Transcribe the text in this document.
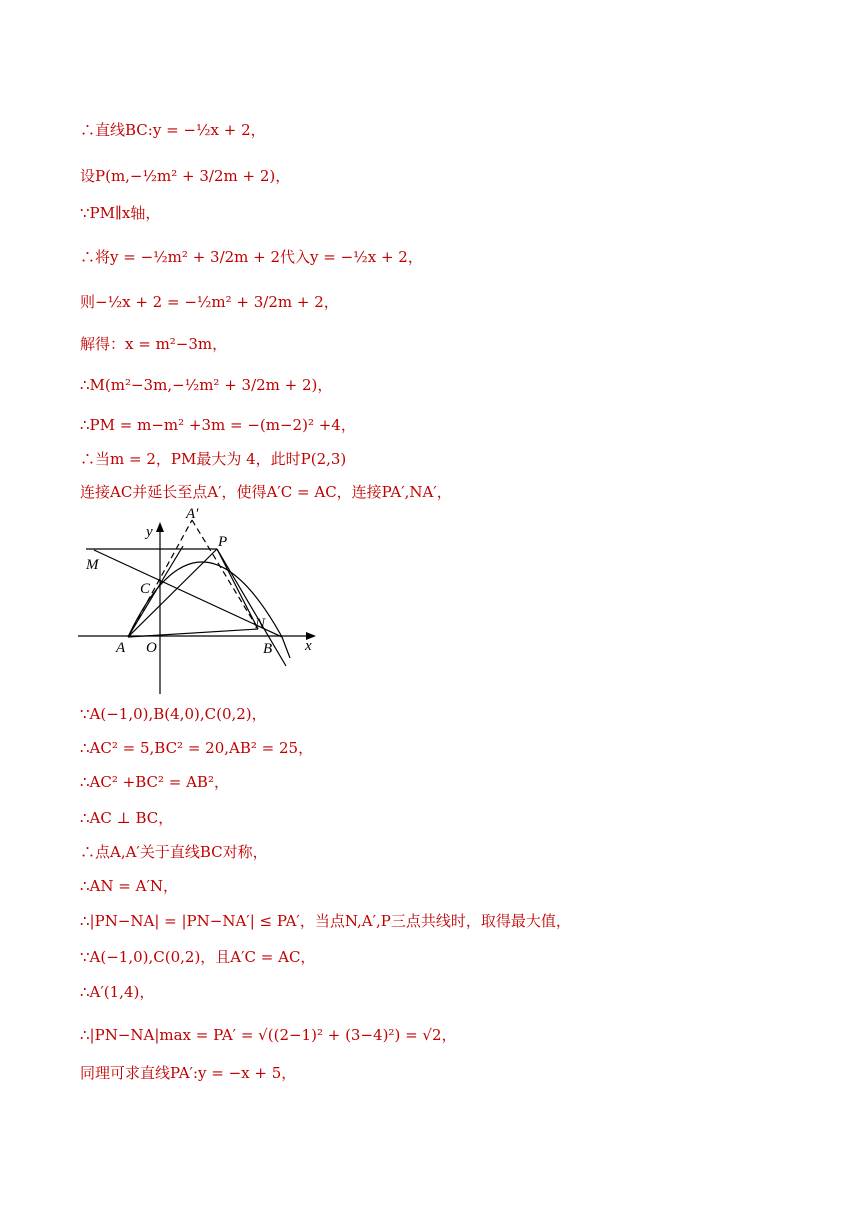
∴直线BC:y = −½x + 2，
设P(m,−½m² + 3/2m + 2)，
∵PM∥x轴，
∴将y = −½m² + 3/2m + 2代入y = −½x + 2，
则−½x + 2 = −½m² + 3/2m + 2，
解得：x = m²−3m，
∴M(m²−3m,−½m² + 3/2m + 2)，
∴PM = m−m² +3m = −(m−2)² +4，
∴当m = 2，PM最大为 4，此时P(2,3)
连接AC并延长至点A′，使得A′C = AC，连接PA′,NA′，
y
x
A′
P
M
C
A O
N
B
∵A(−1,0),B(4,0),C(0,2)，
∴AC² = 5,BC² = 20,AB² = 25，
∴AC² +BC² = AB²，
∴AC ⊥ BC，
∴点A,A′关于直线BC对称，
∴AN = A′N，
∴|PN−NA| = |PN−NA′| ≤ PA′，当点N,A′,P三点共线时，取得最大值，
∵A(−1,0),C(0,2)，且A′C = AC，
∴A′(1,4)，
∴|PN−NA|max = PA′ = √((2−1)² + (3−4)²) = √2，
同理可求直线PA′:y = −x + 5，
